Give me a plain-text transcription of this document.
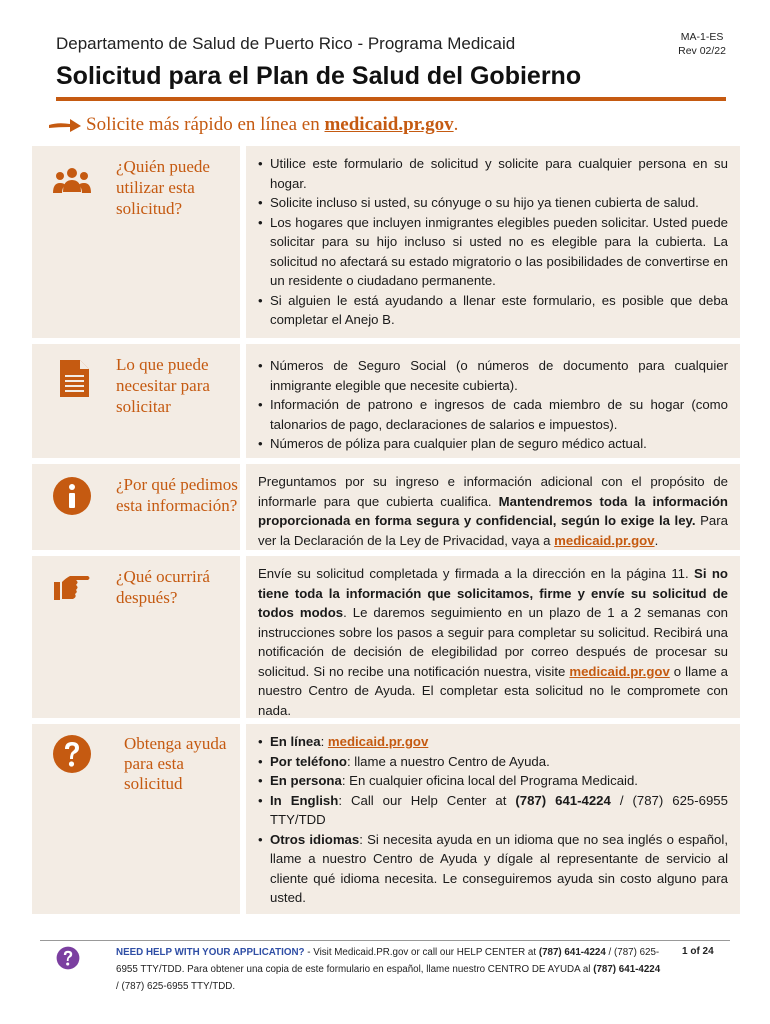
Departamento de Salud de Puerto Rico - Programa Medicaid	MA-1-ES
Rev 02/22
Solicitud para el Plan de Salud del Gobierno
Solicite más rápido en línea en medicaid.pr.gov.
¿Quién puede utilizar esta solicitud?
• Utilice este formulario de solicitud y solicite para cualquier persona en su hogar.
• Solicite incluso si usted, su cónyuge o su hijo ya tienen cubierta de salud.
• Los hogares que incluyen inmigrantes elegibles pueden solicitar. Usted puede solicitar para su hijo incluso si usted no es elegible para la cubierta. La solicitud no afectará su estado migratorio o las posibilidades de convertirse en un residente o ciudadano permanente.
• Si alguien le está ayudando a llenar este formulario, es posible que deba completar el Anejo B.
Lo que puede necesitar para solicitar
• Números de Seguro Social (o números de documento para cualquier inmigrante elegible que necesite cubierta).
• Información de patrono e ingresos de cada miembro de su hogar (como talonarios de pago, declaraciones de salarios e impuestos).
• Números de póliza para cualquier plan de seguro médico actual.
¿Por qué pedimos esta información?

Preguntamos por su ingreso e información adicional con el propósito de informarle para que cubierta cualifica. Mantendremos toda la información proporcionada en forma segura y confidencial, según lo exige la ley. Para ver la Declaración de la Ley de Privacidad, vaya a medicaid.pr.gov.

¿Qué ocurrirá después?

Envíe su solicitud completada y firmada a la dirección en la página 11. Si no tiene toda la información que solicitamos, firme y envíe su solicitud de todos modos. Le daremos seguimiento en un plazo de 1 a 2 semanas con instrucciones sobre los pasos a seguir para completar su solicitud. Recibirá una notificación de decisión de elegibilidad por correo después de procesar su solicitud. Si no recibe una notificación nuestra, visite medicaid.pr.gov o llame a nuestro Centro de Ayuda. El completar esta solicitud no le compromete con nada.

Obtenga ayuda para esta solicitud
• En línea: medicaid.pr.gov
• Por teléfono: llame a nuestro Centro de Ayuda.
• En persona: En cualquier oficina local del Programa Medicaid.
• In English: Call our Help Center at (787) 641-4224 / (787) 625-6955 TTY/TDD
• Otros idiomas: Si necesita ayuda en un idioma que no sea inglés o español, llame a nuestro Centro de Ayuda y dígale al representante de servicio al cliente qué idioma necesita. Le conseguiremos ayuda sin costo alguno para usted.
NEED HELP WITH YOUR APPLICATION? - Visit Medicaid.PR.gov or call our HELP CENTER at (787) 641-4224 / (787) 625-6955 TTY/TDD. Para obtener una copia de este formulario en español, llame nuestro CENTRO DE AYUDA al (787) 641-4224 / (787) 625-6955 TTY/TDD.
1 of 24
